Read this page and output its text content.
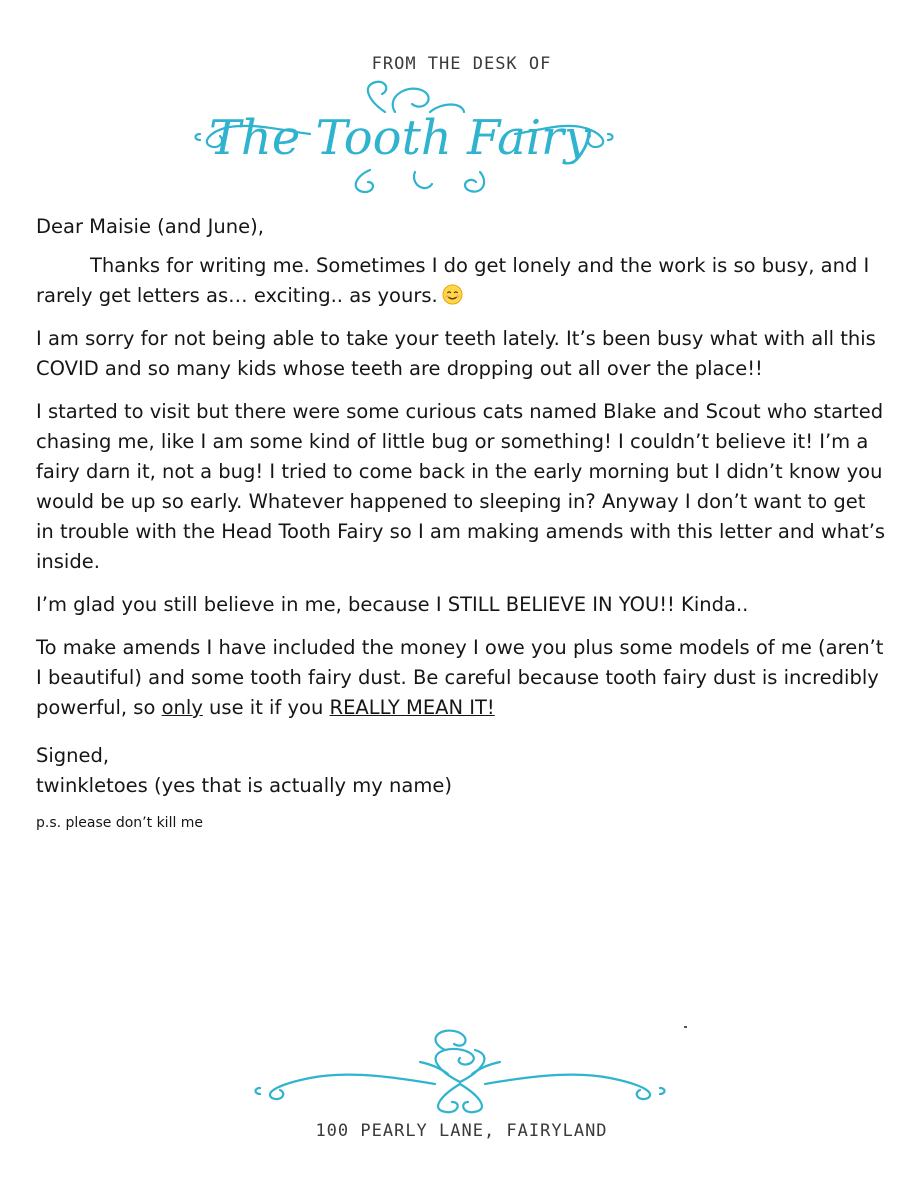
FROM THE DESK OF
The Tooth Fairy

Dear Maisie (and June),

Thanks for writing me. Sometimes I do get lonely and the work is so busy, and I rarely get letters as… exciting.. as yours.

I am sorry for not being able to take your teeth lately. It’s been busy what with all this COVID and so many kids whose teeth are dropping out all over the place!!

I started to visit but there were some curious cats named Blake and Scout who started chasing me, like I am some kind of little bug or something! I couldn’t believe it! I’m a fairy darn it, not a bug! I tried to come back in the early morning but I didn’t know you would be up so early. Whatever happened to sleeping in? Anyway I don’t want to get in trouble with the Head Tooth Fairy so I am making amends with this letter and what’s inside.

I’m glad you still believe in me, because I STILL BELIEVE IN YOU!! Kinda..

To make amends I have included the money I owe you plus some models of me (aren’t I beautiful) and some tooth fairy dust. Be careful because tooth fairy dust is incredibly powerful, so only use it if you REALLY MEAN IT!

Signed,
twinkletoes (yes that is actually my name)

p.s. please don’t kill me

100 PEARLY LANE, FAIRYLAND
